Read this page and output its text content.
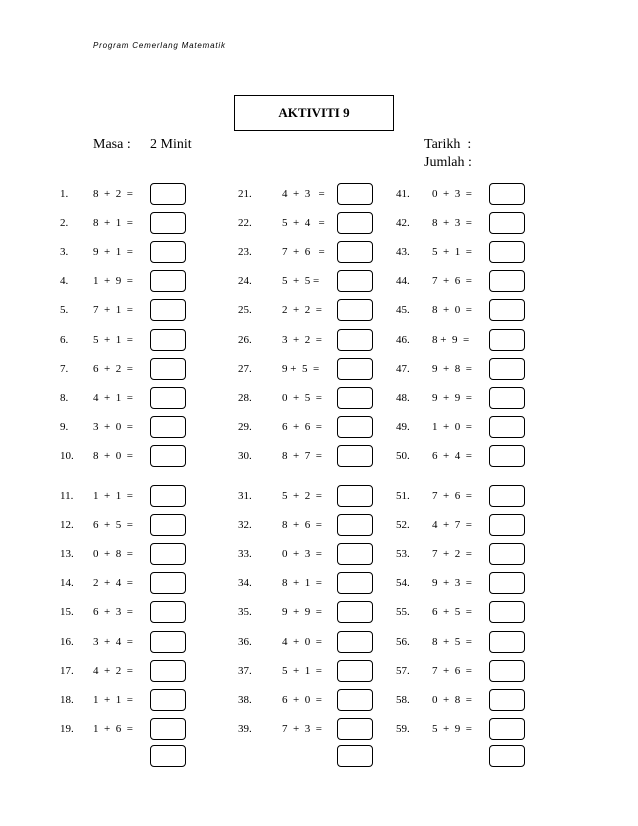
Program Cemerlang Matematik
AKTIVITI 9
Masa : 2 Minit	Tarikh  :
Jumlah :
1. 8  +  2  =
2. 8  +  1  =
3. 9  +  1  =
4. 1  +  9  =
5. 7  +  1  =
6. 5  +  1  =
7. 6  +  2  =
8. 4  +  1  =
9. 3  +  0  =
10. 8  +  0  =
11. 1  +  1  =
12. 6  +  5  =
13. 0  +  8  =
14. 2  +  4  =
15. 6  +  3  =
16. 3  +  4  =
17. 4  +  2  =
18. 1  +  1  =
19. 1  +  6  =
21.	4  +  3   =
22.	5  +  4   =
23.	7  +  6   =
24.	5  +  5 =
25.	2  +  2  =
26.	3  +  2  =
27.	9 +  5  =
28.	0  +  5  =
29.	6  +  6  =
30.	8  +  7  =
31.	5  +  2  =
32.	8  +  6  =
33.	0  +  3  =
34.	8  +  1  =
35.	9  +  9  =
36.	4  +  0  =
37.	5  +  1  =
38.	6  +  0  =
39.	7  +  3  =
41. 0  +  3  =
42. 8  +  3  =
43. 5  +  1  =
44. 7  +  6  =
45. 8  +  0  =
46. 8 +  9  =
47. 9  +  8  =
48. 9  +  9  =
49. 1  +  0  =
50. 6  +  4  =
51. 7  +  6  =
52. 4  +  7  =
53. 7  +  2  =
54. 9  +  3  =
55. 6  +  5  =
56. 8  +  5  =
57. 7  +  6  =
58. 0  +  8  =
59. 5  +  9  =
